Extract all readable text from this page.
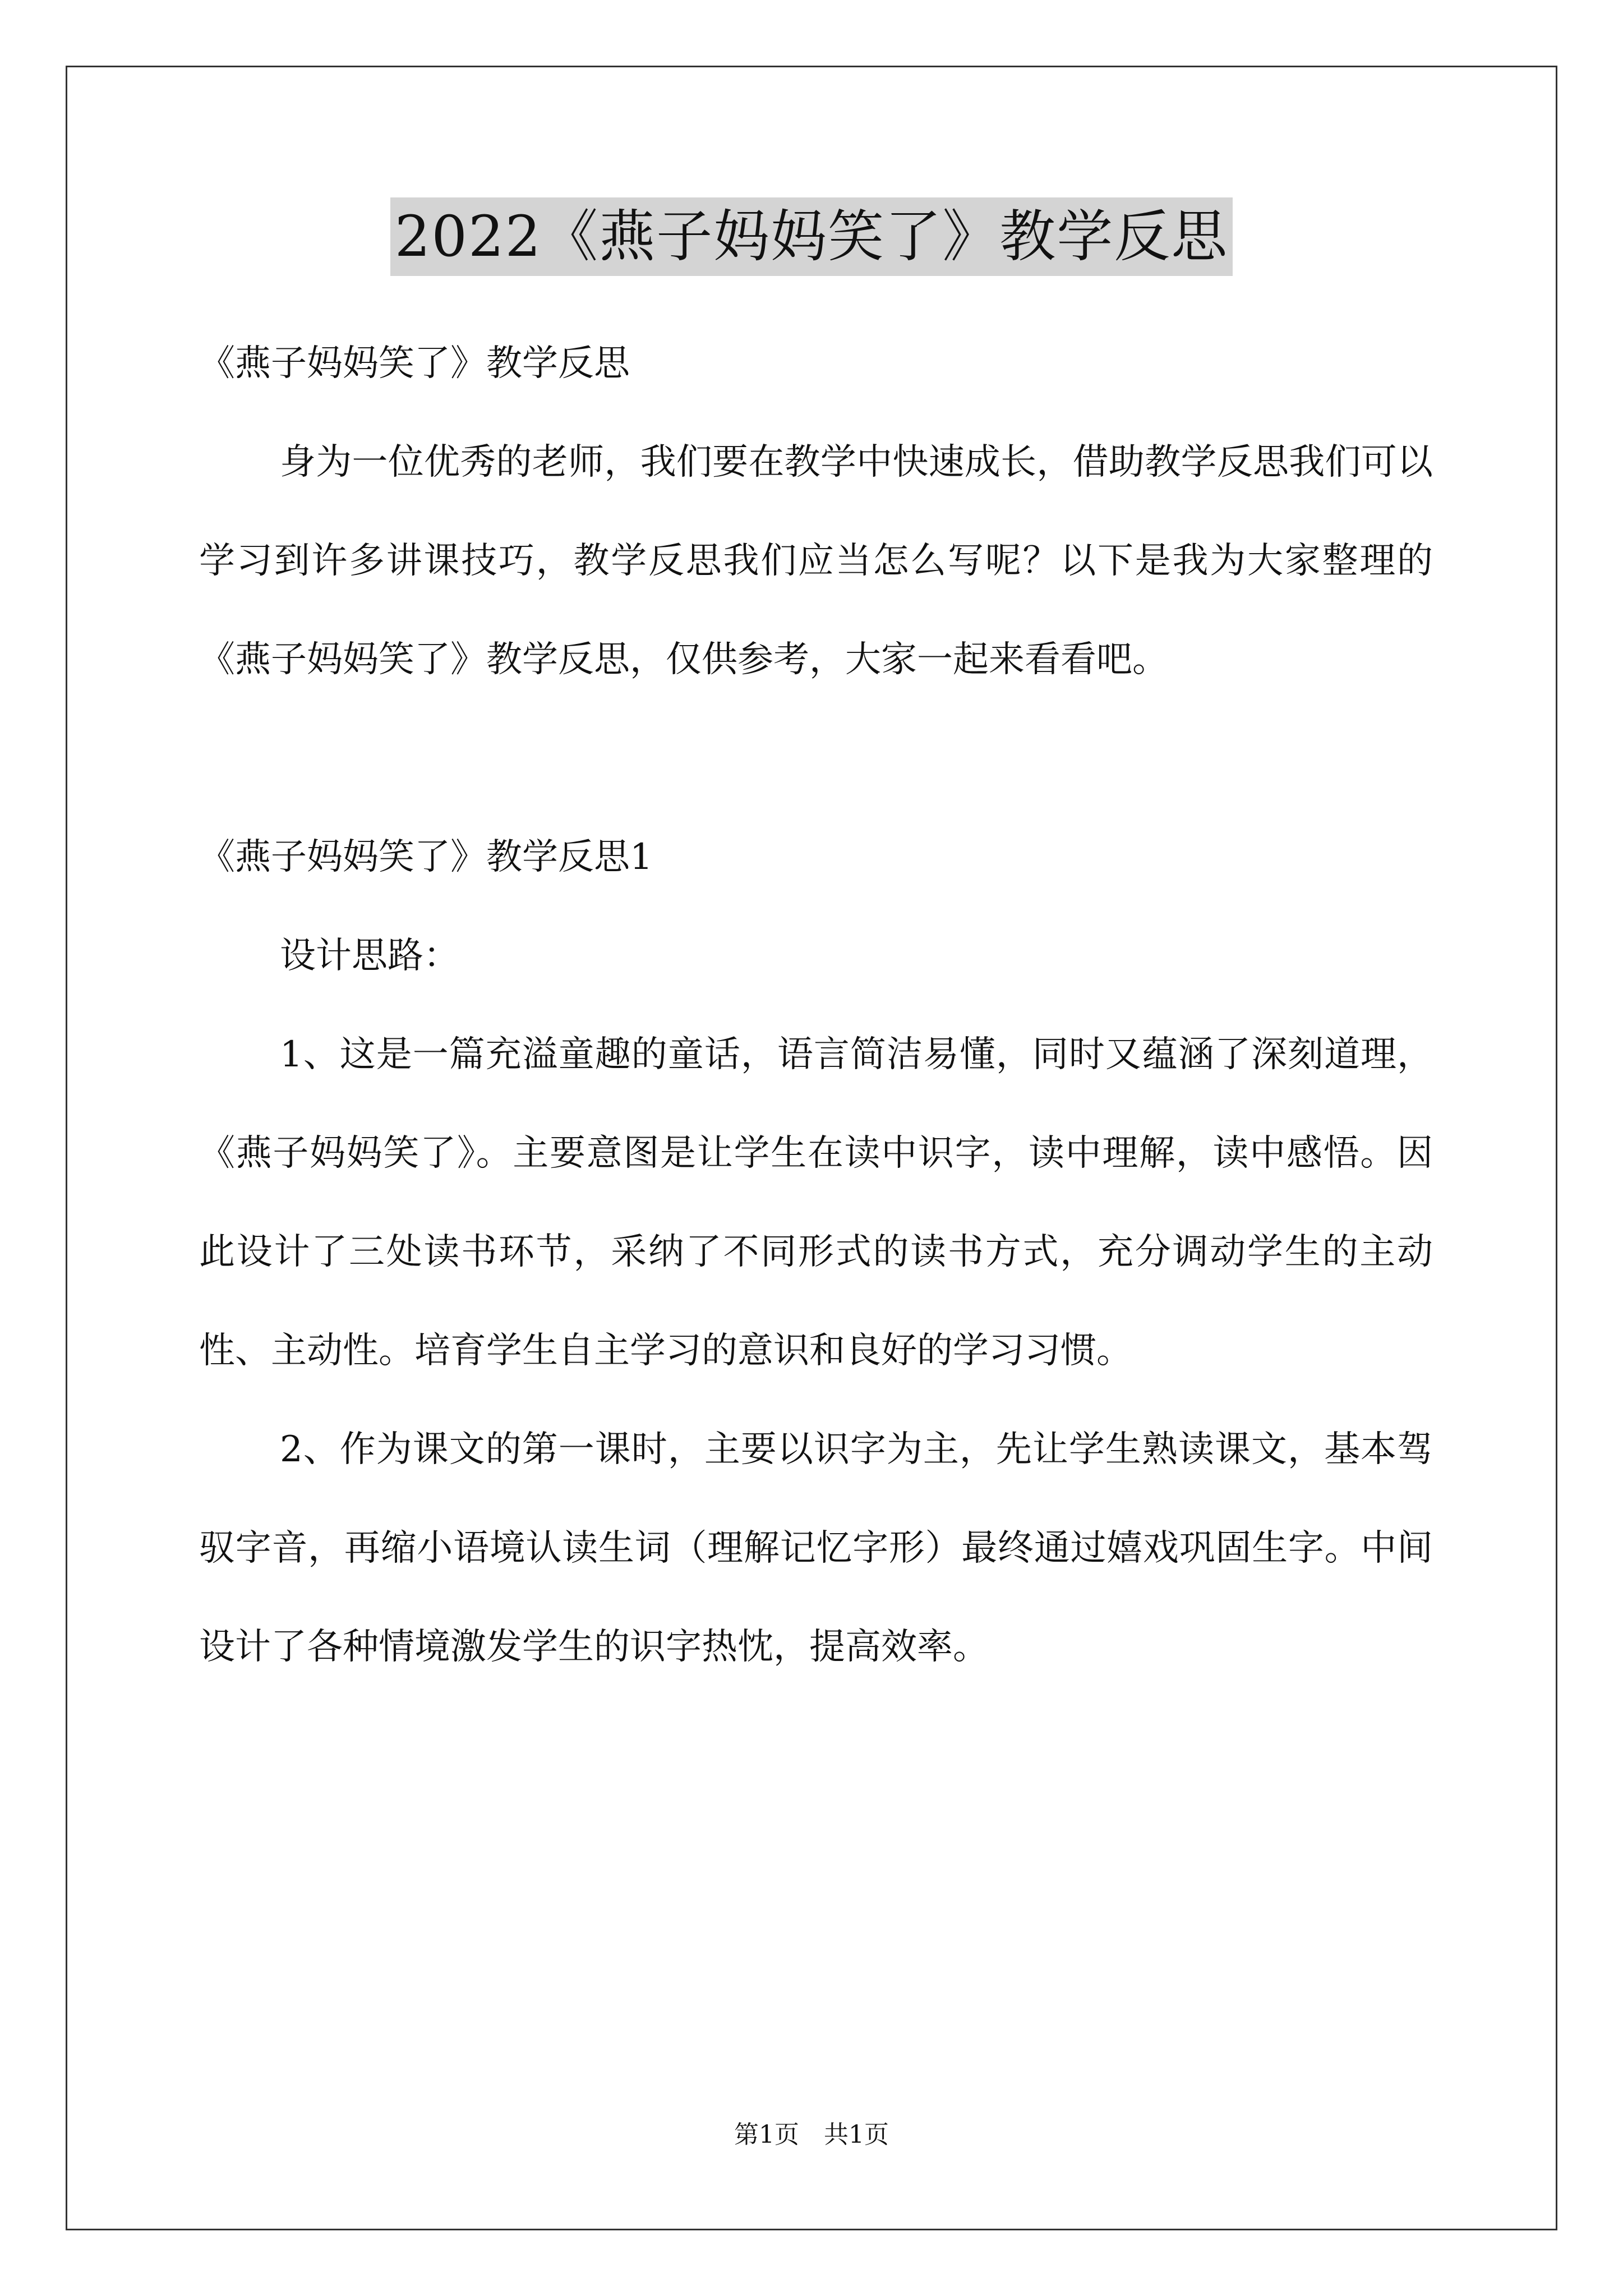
2022《燕子妈妈笑了》教学反思

《燕子妈妈笑了》教学反思

身为一位优秀的老师，我们要在教学中快速成长，借助教学反思我们可以学习到许多讲课技巧，教学反思我们应当怎么写呢？以下是我为大家整理的《燕子妈妈笑了》教学反思，仅供参考，大家一起来看看吧。

《燕子妈妈笑了》教学反思1

设计思路：

1、这是一篇充溢童趣的童话，语言简洁易懂，同时又蕴涵了深刻道理，《燕子妈妈笑了》。主要意图是让学生在读中识字，读中理解，读中感悟。因此设计了三处读书环节，采纳了不同形式的读书方式，充分调动学生的主动性、主动性。培育学生自主学习的意识和良好的学习习惯。

2、作为课文的第一课时，主要以识字为主，先让学生熟读课文，基本驾驭字音，再缩小语境认读生词（理解记忆字形）最终通过嬉戏巩固生字。中间设计了各种情境激发学生的识字热忱，提高效率。

第1页 共1页
